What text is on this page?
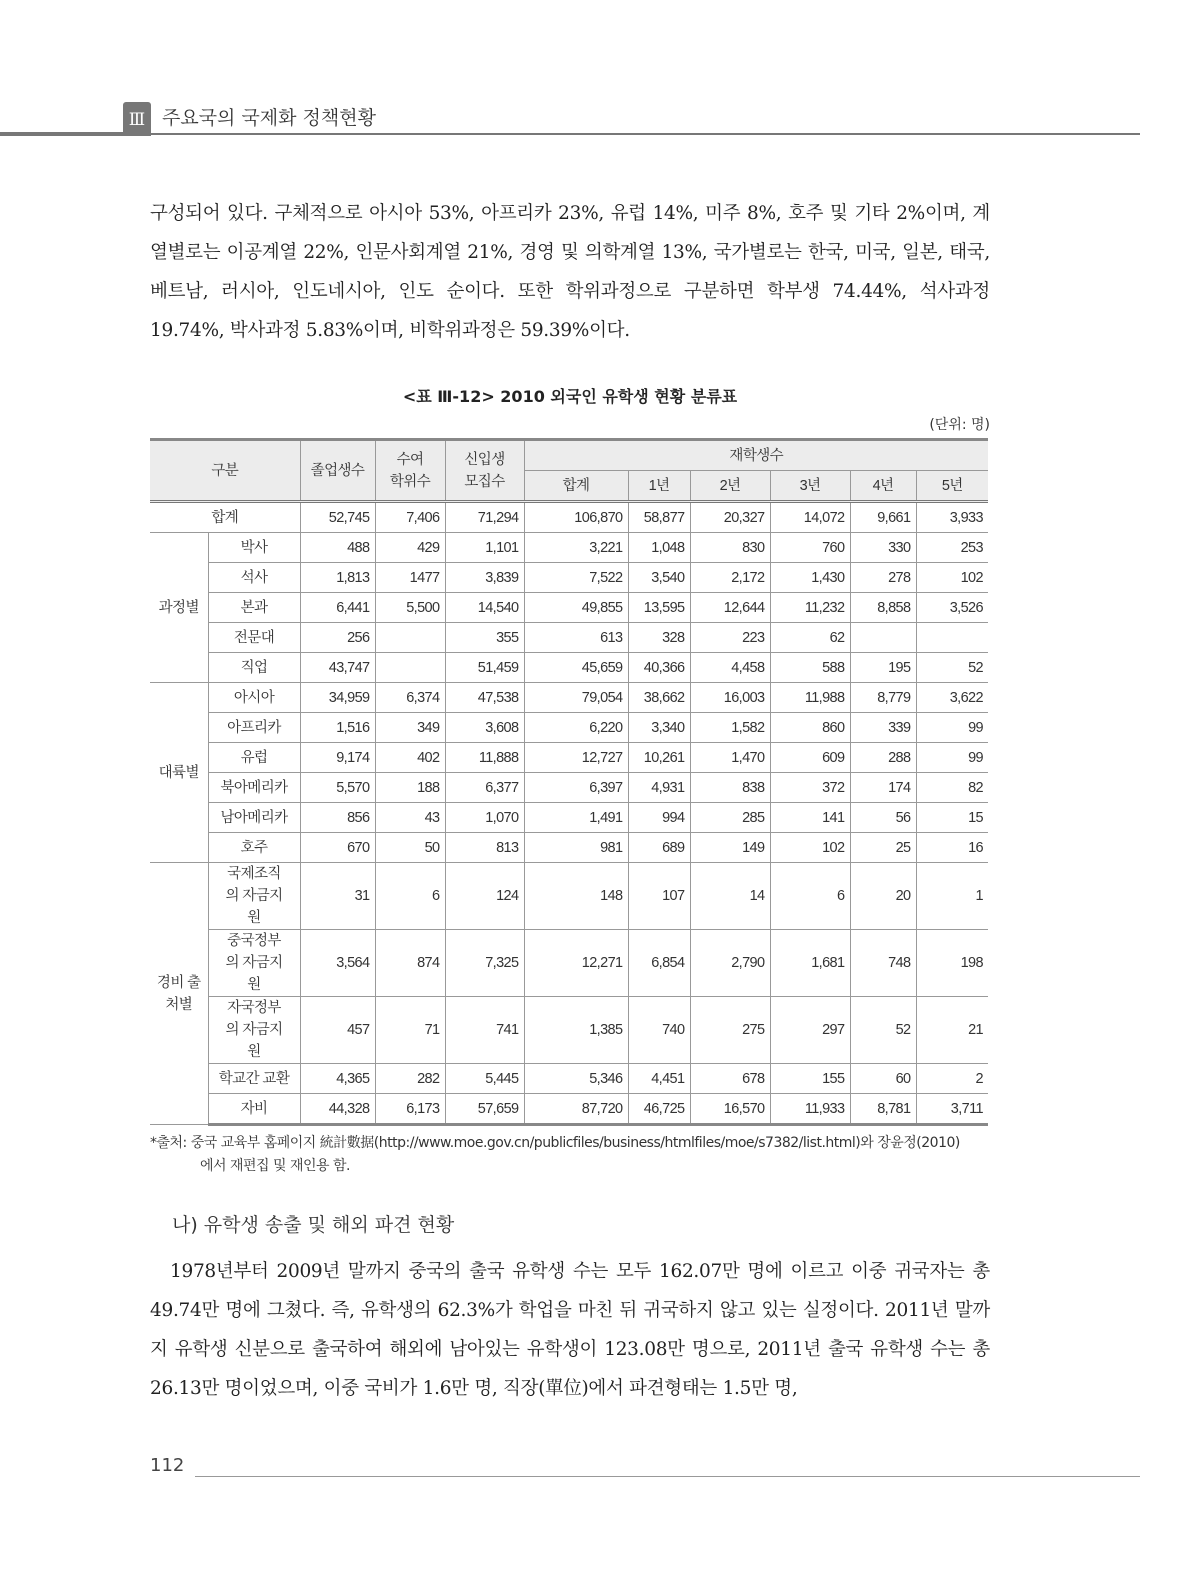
Ⅲ 주요국의 국제화 정책현황

구성되어 있다. 구체적으로 아시아 53%, 아프리카 23%, 유럽 14%, 미주 8%, 호주 및 기타 2%이며, 계열별로는 이공계열 22%, 인문사회계열 21%, 경영 및 의학계열 13%, 국가별로는 한국, 미국, 일본, 태국, 베트남, 러시아, 인도네시아, 인도 순이다. 또한 학위과정으로 구분하면 학부생 74.44%, 석사과정 19.74%, 박사과정 5.83%이며, 비학위과정은 59.39%이다.

<표 Ⅲ-12> 2010 외국인 유학생 현황 분류표
(단위: 명)
구분		졸업생수	수여 학위수	신입생 모집수	재학생수					
					합계	1년	2년	3년	4년	5년
합계		52,745	7,406	71,294	106,870	58,877	20,327	14,072	9,661	3,933
과정별	박사	488	429	1,101	3,221	1,048	830	760	330	253
	석사	1,813	1477	3,839	7,522	3,540	2,172	1,430	278	102
	본과	6,441	5,500	14,540	49,855	13,595	12,644	11,232	8,858	3,526
	전문대	256		355	613	328	223	62		
	직업	43,747		51,459	45,659	40,366	4,458	588	195	52
대륙별	아시아	34,959	6,374	47,538	79,054	38,662	16,003	11,988	8,779	3,622
	아프리카	1,516	349	3,608	6,220	3,340	1,582	860	339	99
	유럽	9,174	402	11,888	12,727	10,261	1,470	609	288	99
	북아메리카	5,570	188	6,377	6,397	4,931	838	372	174	82
	남아메리카	856	43	1,070	1,491	994	285	141	56	15
	호주	670	50	813	981	689	149	102	25	16
경비 출처별	국제조직의 자금지원	31	6	124	148	107	14	6	20	1
	중국정부의 자금지원	3,564	874	7,325	12,271	6,854	2,790	1,681	748	198
	자국정부의 자금지원	457	71	741	1,385	740	275	297	52	21
	학교간 교환	4,365	282	5,445	5,346	4,451	678	155	60	2
	자비	44,328	6,173	57,659	87,720	46,725	16,570	11,933	8,781	3,711
*출처: 중국 교육부 홈페이지 統計數据(http://www.moe.gov.cn/publicfiles/business/htmlfiles/moe/s7382/list.html)와 장윤정(2010)
에서 재편집 및 재인용 함.
나) 유학생 송출 및 해외 파견 현황

1978년부터 2009년 말까지 중국의 출국 유학생 수는 모두 162.07만 명에 이르고 이중 귀국자는 총 49.74만 명에 그쳤다. 즉, 유학생의 62.3%가 학업을 마친 뒤 귀국하지 않고 있는 실정이다. 2011년 말까지 유학생 신분으로 출국하여 해외에 남아있는 유학생이 123.08만 명으로, 2011년 출국 유학생 수는 총 26.13만 명이었으며, 이중 국비가 1.6만 명, 직장(單位)에서 파견형태는 1.5만 명,

112
